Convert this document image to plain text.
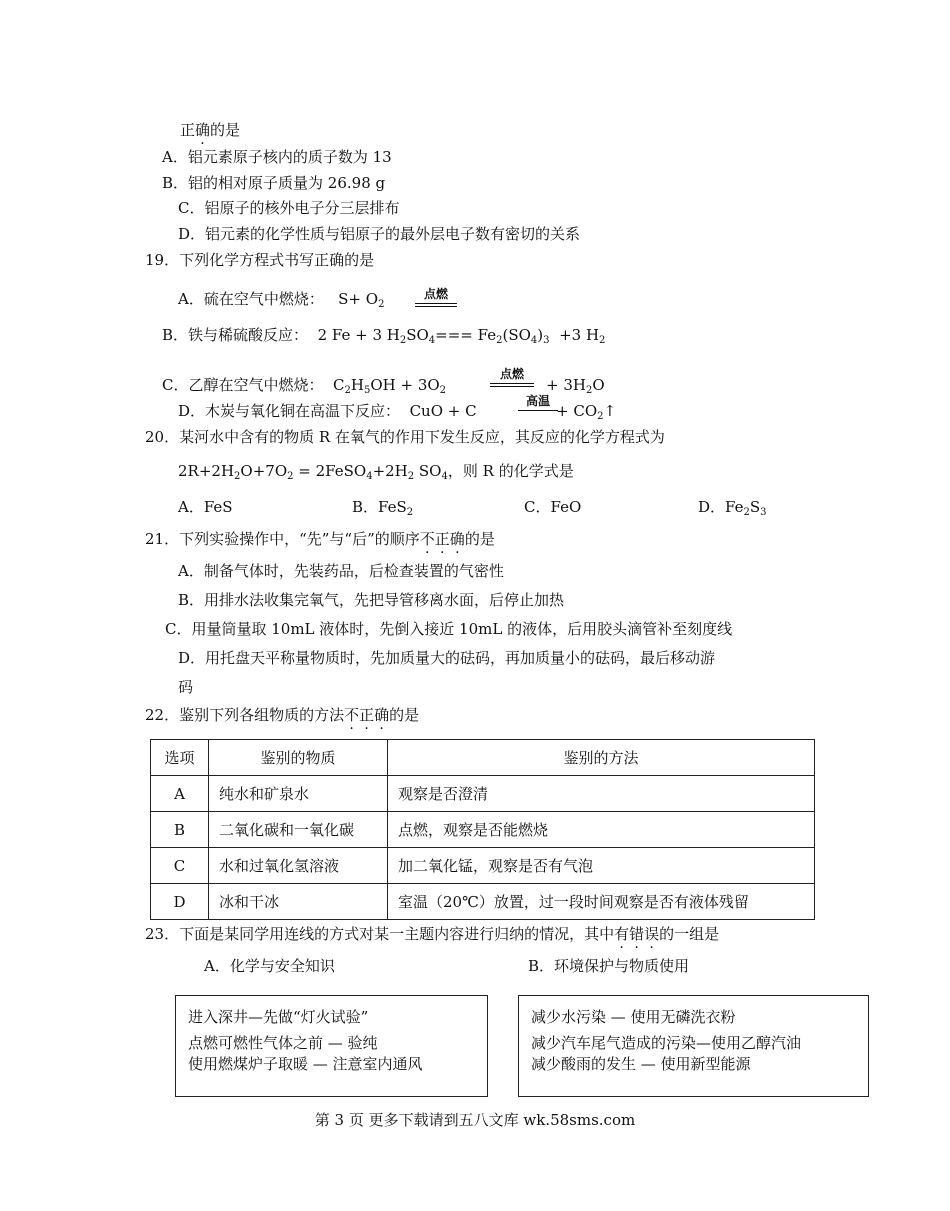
正确的是
A．铝元素原子核内的质子数为 13
B．铝的相对原子质量为 26.98 g
C．铝原子的核外电子分三层排布
D．铝元素的化学性质与铝原子的最外层电子数有密切的关系
19．下列化学方程式书写正确的是
A．硫在空气中燃烧： $S+ O_2$
点燃
B．铁与稀硫酸反应：  2 Fe + 3 $H_2SO_4=== Fe_2(SO_4)_3 +3$ $H_2$
C．乙醇在空气中燃烧：  $C_2H_5OH + 3O_2$
点燃
+ $3H_2O$
D．木炭与氧化铜在高温下反应：  CuO + C
高温
+ $CO_2↑$
20．某河水中含有的物质 R 在氧气的作用下发生反应，其反应的化学方程式为
$2R+2H_2O+7O_2$ = $2FeSO_4+2H_2$ $SO_4$，则 R 的化学式是
A．FeS	B．FeS$_2$	C．FeO	D．$Fe_2S_3$
21．下列实验操作中，“先”与“后”的顺序不正确的是
A．制备气体时，先装药品，后检查装置的气密性
B．用排水法收集完氧气，先把导管移离水面，后停止加热
C．用量筒量取 10mL 液体时，先倒入接近 10mL 的液体，后用胶头滴管补至刻度线
D．用托盘天平称量物质时，先加质量大的砝码，再加质量小的砝码，最后移动游
码
22．鉴别下列各组物质的方法不正确的是
选项	鉴别的物质	鉴别的方法
A	纯水和矿泉水	观察是否澄清
B	二氧化碳和一氧化碳	点燃，观察是否能燃烧
C	水和过氧化氢溶液	加二氧化锰，观察是否有气泡
D	冰和干冰	室温（20℃）放置，过一段时间观察是否有液体残留
23．下面是某同学用连线的方式对某一主题内容进行归纳的情况，其中有错误的一组是
A．化学与安全知识	B．环境保护与物质使用
进入深井—先做“灯火试验”
点燃可燃性气体之前 — 验纯
使用燃煤炉子取暖 — 注意室内通风
减少水污染 — 使用无磷洗衣粉
减少汽车尾气造成的污染—使用乙醇汽油
减少酸雨的发生 — 使用新型能源
第 3 页 更多下载请到五八文库 wk.58sms.com
